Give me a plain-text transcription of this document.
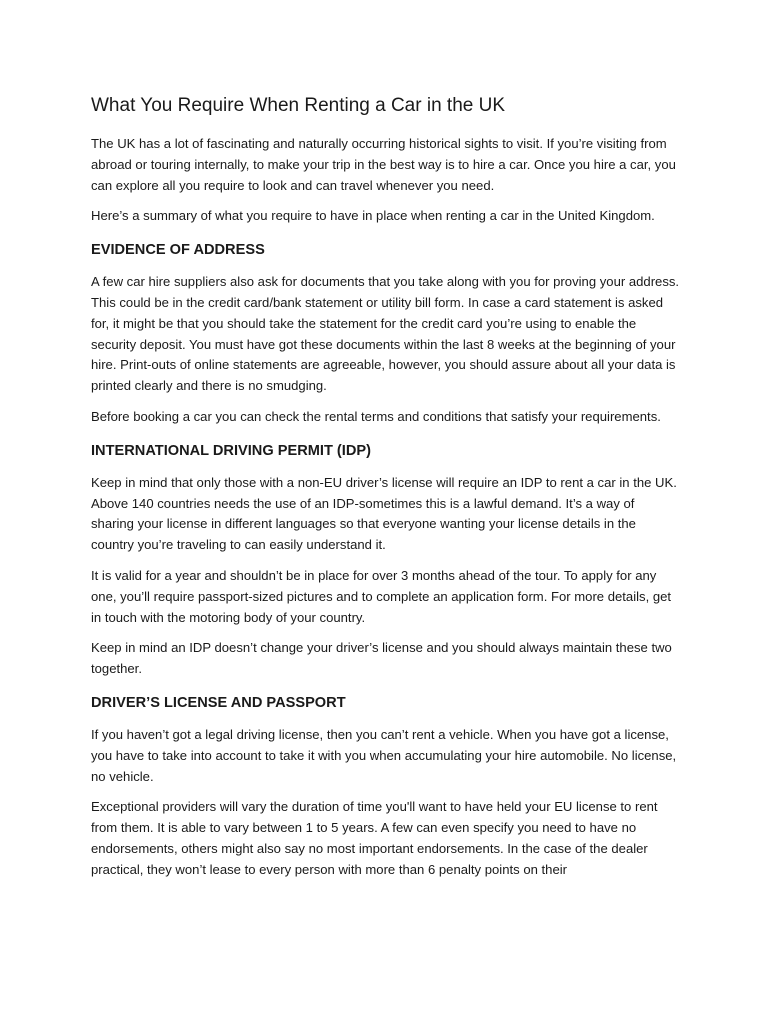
What You Require When Renting a Car in the UK

The UK has a lot of fascinating and naturally occurring historical sights to visit. If you’re visiting from abroad or touring internally, to make your trip in the best way is to hire a car. Once you hire a car, you can explore all you require to look and can travel whenever you need.

Here’s a summary of what you require to have in place when renting a car in the United Kingdom.

EVIDENCE OF ADDRESS

A few car hire suppliers also ask for documents that you take along with you for proving your address. This could be in the credit card/bank statement or utility bill form. In case a card statement is asked for, it might be that you should take the statement for the credit card you’re using to enable the security deposit. You must have got these documents within the last 8 weeks at the beginning of your hire. Print-outs of online statements are agreeable, however, you should assure about all your data is printed clearly and there is no smudging.

Before booking a car you can check the rental terms and conditions that satisfy your requirements.

INTERNATIONAL DRIVING PERMIT (IDP)

Keep in mind that only those with a non-EU driver’s license will require an IDP to rent a car in the UK. Above 140 countries needs the use of an IDP-sometimes this is a lawful demand. It’s a way of sharing your license in different languages so that everyone wanting your license details in the country you’re traveling to can easily understand it.

It is valid for a year and shouldn’t be in place for over 3 months ahead of the tour. To apply for any one, you’ll require passport-sized pictures and to complete an application form. For more details, get in touch with the motoring body of your country.

Keep in mind an IDP doesn’t change your driver’s license and you should always maintain these two together.

DRIVER’S LICENSE AND PASSPORT

If you haven’t got a legal driving license, then you can’t rent a vehicle. When you have got a license, you have to take into account to take it with you when accumulating your hire automobile. No license, no vehicle.

Exceptional providers will vary the duration of time you'll want to have held your EU license to rent from them. It is able to vary between 1 to 5 years. A few can even specify you need to have no endorsements, others might also say no most important endorsements. In the case of the dealer practical, they won’t lease to every person with more than 6 penalty points on their
